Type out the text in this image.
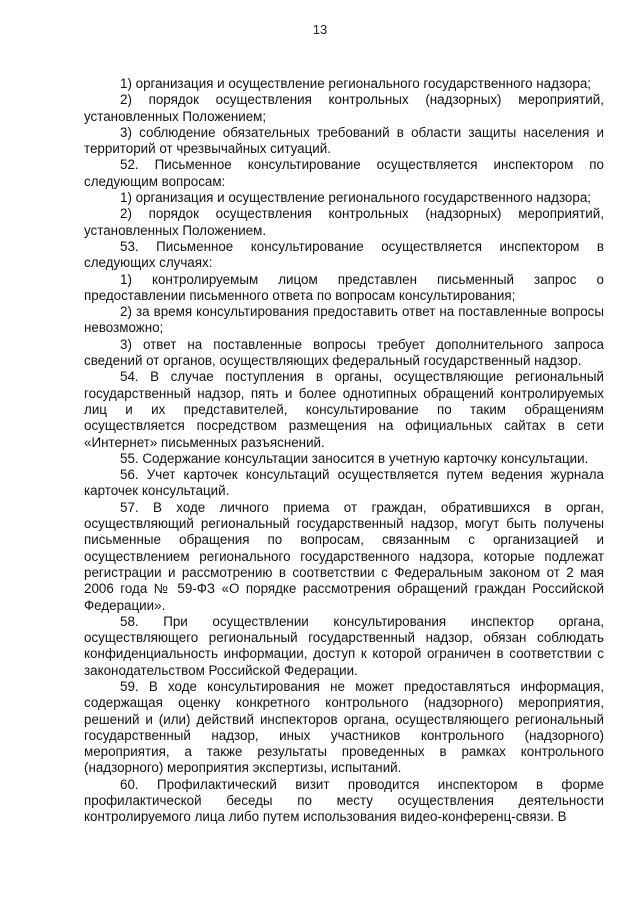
13

1) организация и осуществление регионального государственного надзора;

2) порядок осуществления контрольных (надзорных) мероприятий, установленных Положением;

3) соблюдение обязательных требований в области защиты населения и территорий от чрезвычайных ситуаций.

52. Письменное консультирование осуществляется инспектором по следующим вопросам:

1) организация и осуществление регионального государственного надзора;

2) порядок осуществления контрольных (надзорных) мероприятий, установленных Положением.

53. Письменное консультирование осуществляется инспектором в следующих случаях:

1) контролируемым лицом представлен письменный запрос о предоставлении письменного ответа по вопросам консультирования;

2) за время консультирования предоставить ответ на поставленные вопросы невозможно;

3) ответ на поставленные вопросы требует дополнительного запроса сведений от органов, осуществляющих федеральный государственный надзор.

54. В случае поступления в органы, осуществляющие региональный государственный надзор, пять и более однотипных обращений контролируемых лиц и их представителей, консультирование по таким обращениям осуществляется посредством размещения на официальных сайтах в сети «Интернет» письменных разъяснений.

55. Содержание консультации заносится в учетную карточку консультации.

56. Учет карточек консультаций осуществляется путем ведения журнала карточек консультаций.

57. В ходе личного приема от граждан, обратившихся в орган, осуществляющий региональный государственный надзор, могут быть получены письменные обращения по вопросам, связанным с организацией и осуществлением регионального государственного надзора, которые подлежат регистрации и рассмотрению в соответствии с Федеральным законом от 2 мая 2006 года № 59-ФЗ «О порядке рассмотрения обращений граждан Российской Федерации».

58. При осуществлении консультирования инспектор органа, осуществляющего региональный государственный надзор, обязан соблюдать конфиденциальность информации, доступ к которой ограничен в соответствии с законодательством Российской Федерации.

59. В ходе консультирования не может предоставляться информация, содержащая оценку конкретного контрольного (надзорного) мероприятия, решений и (или) действий инспекторов органа, осуществляющего региональный государственный надзор, иных участников контрольного (надзорного) мероприятия, а также результаты проведенных в рамках контрольного (надзорного) мероприятия экспертизы, испытаний.

60. Профилактический визит проводится инспектором в форме профилактической беседы по месту осуществления деятельности контролируемого лица либо путем использования видео-конференц-связи. В
